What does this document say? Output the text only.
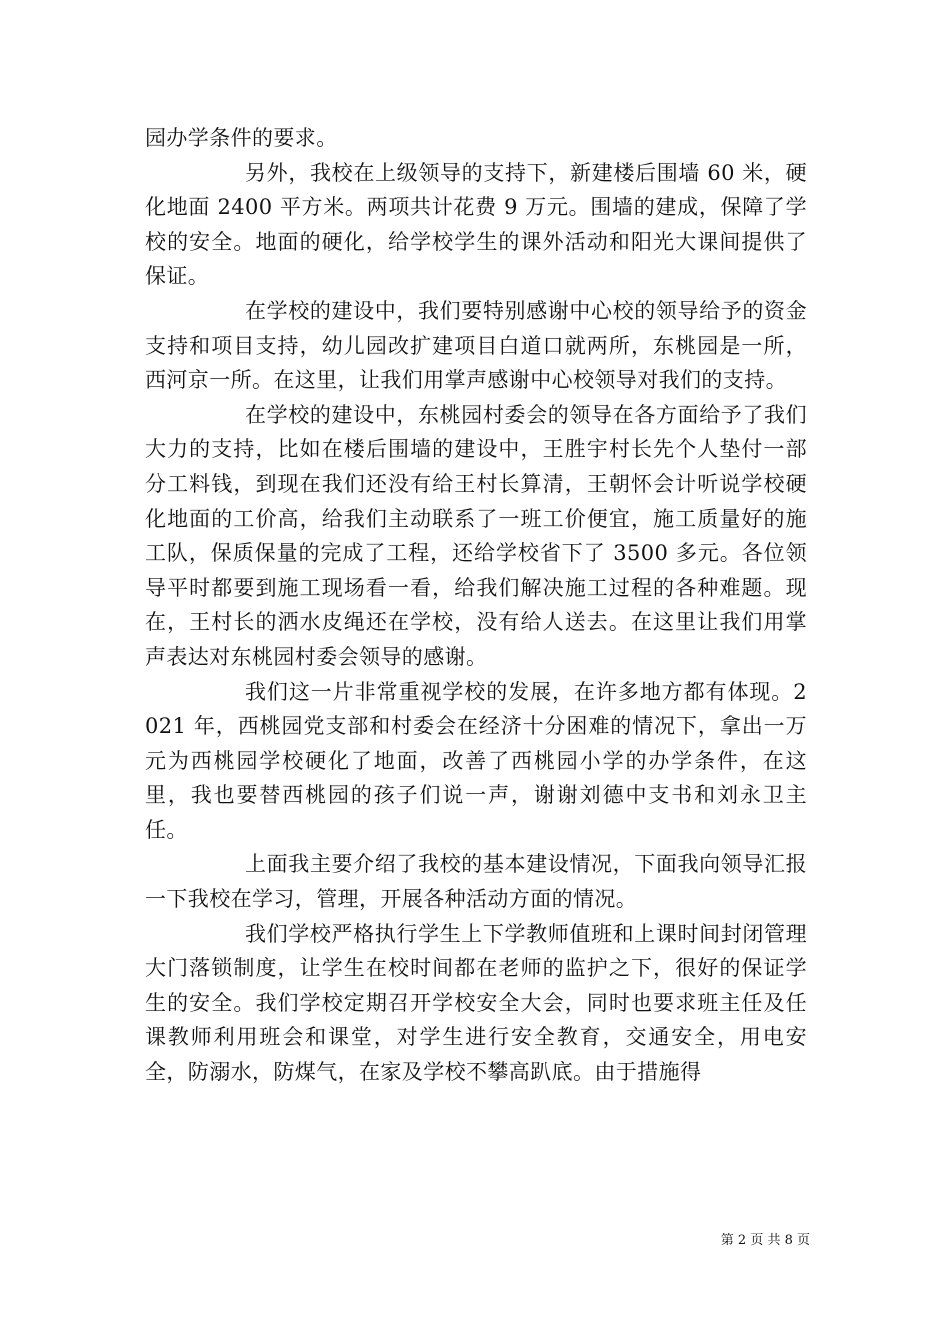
园办学条件的要求。

另外，我校在上级领导的支持下，新建楼后围墙 60 米，硬化地面 2400 平方米。两项共计花费 9 万元。围墙的建成，保障了学校的安全。地面的硬化，给学校学生的课外活动和阳光大课间提供了保证。

在学校的建设中，我们要特别感谢中心校的领导给予的资金支持和项目支持，幼儿园改扩建项目白道口就两所，东桃园是一所，西河京一所。在这里，让我们用掌声感谢中心校领导对我们的支持。

在学校的建设中，东桃园村委会的领导在各方面给予了我们大力的支持，比如在楼后围墙的建设中，王胜宇村长先个人垫付一部分工料钱，到现在我们还没有给王村长算清，王朝怀会计听说学校硬化地面的工价高，给我们主动联系了一班工价便宜，施工质量好的施工队，保质保量的完成了工程，还给学校省下了 3500 多元。各位领导平时都要到施工现场看一看，给我们解决施工过程的各种难题。现在，王村长的洒水皮绳还在学校，没有给人送去。在这里让我们用掌声表达对东桃园村委会领导的感谢。

我们这一片非常重视学校的发展，在许多地方都有体现。2021 年，西桃园党支部和村委会在经济十分困难的情况下，拿出一万元为西桃园学校硬化了地面，改善了西桃园小学的办学条件，在这里，我也要替西桃园的孩子们说一声，谢谢刘德中支书和刘永卫主任。

上面我主要介绍了我校的基本建设情况，下面我向领导汇报一下我校在学习，管理，开展各种活动方面的情况。

我们学校严格执行学生上下学教师值班和上课时间封闭管理大门落锁制度，让学生在校时间都在老师的监护之下，很好的保证学生的安全。我们学校定期召开学校安全大会，同时也要求班主任及任课教师利用班会和课堂，对学生进行安全教育，交通安全，用电安全，防溺水，防煤气，在家及学校不攀高趴底。由于措施得

第 2 页 共 8 页
